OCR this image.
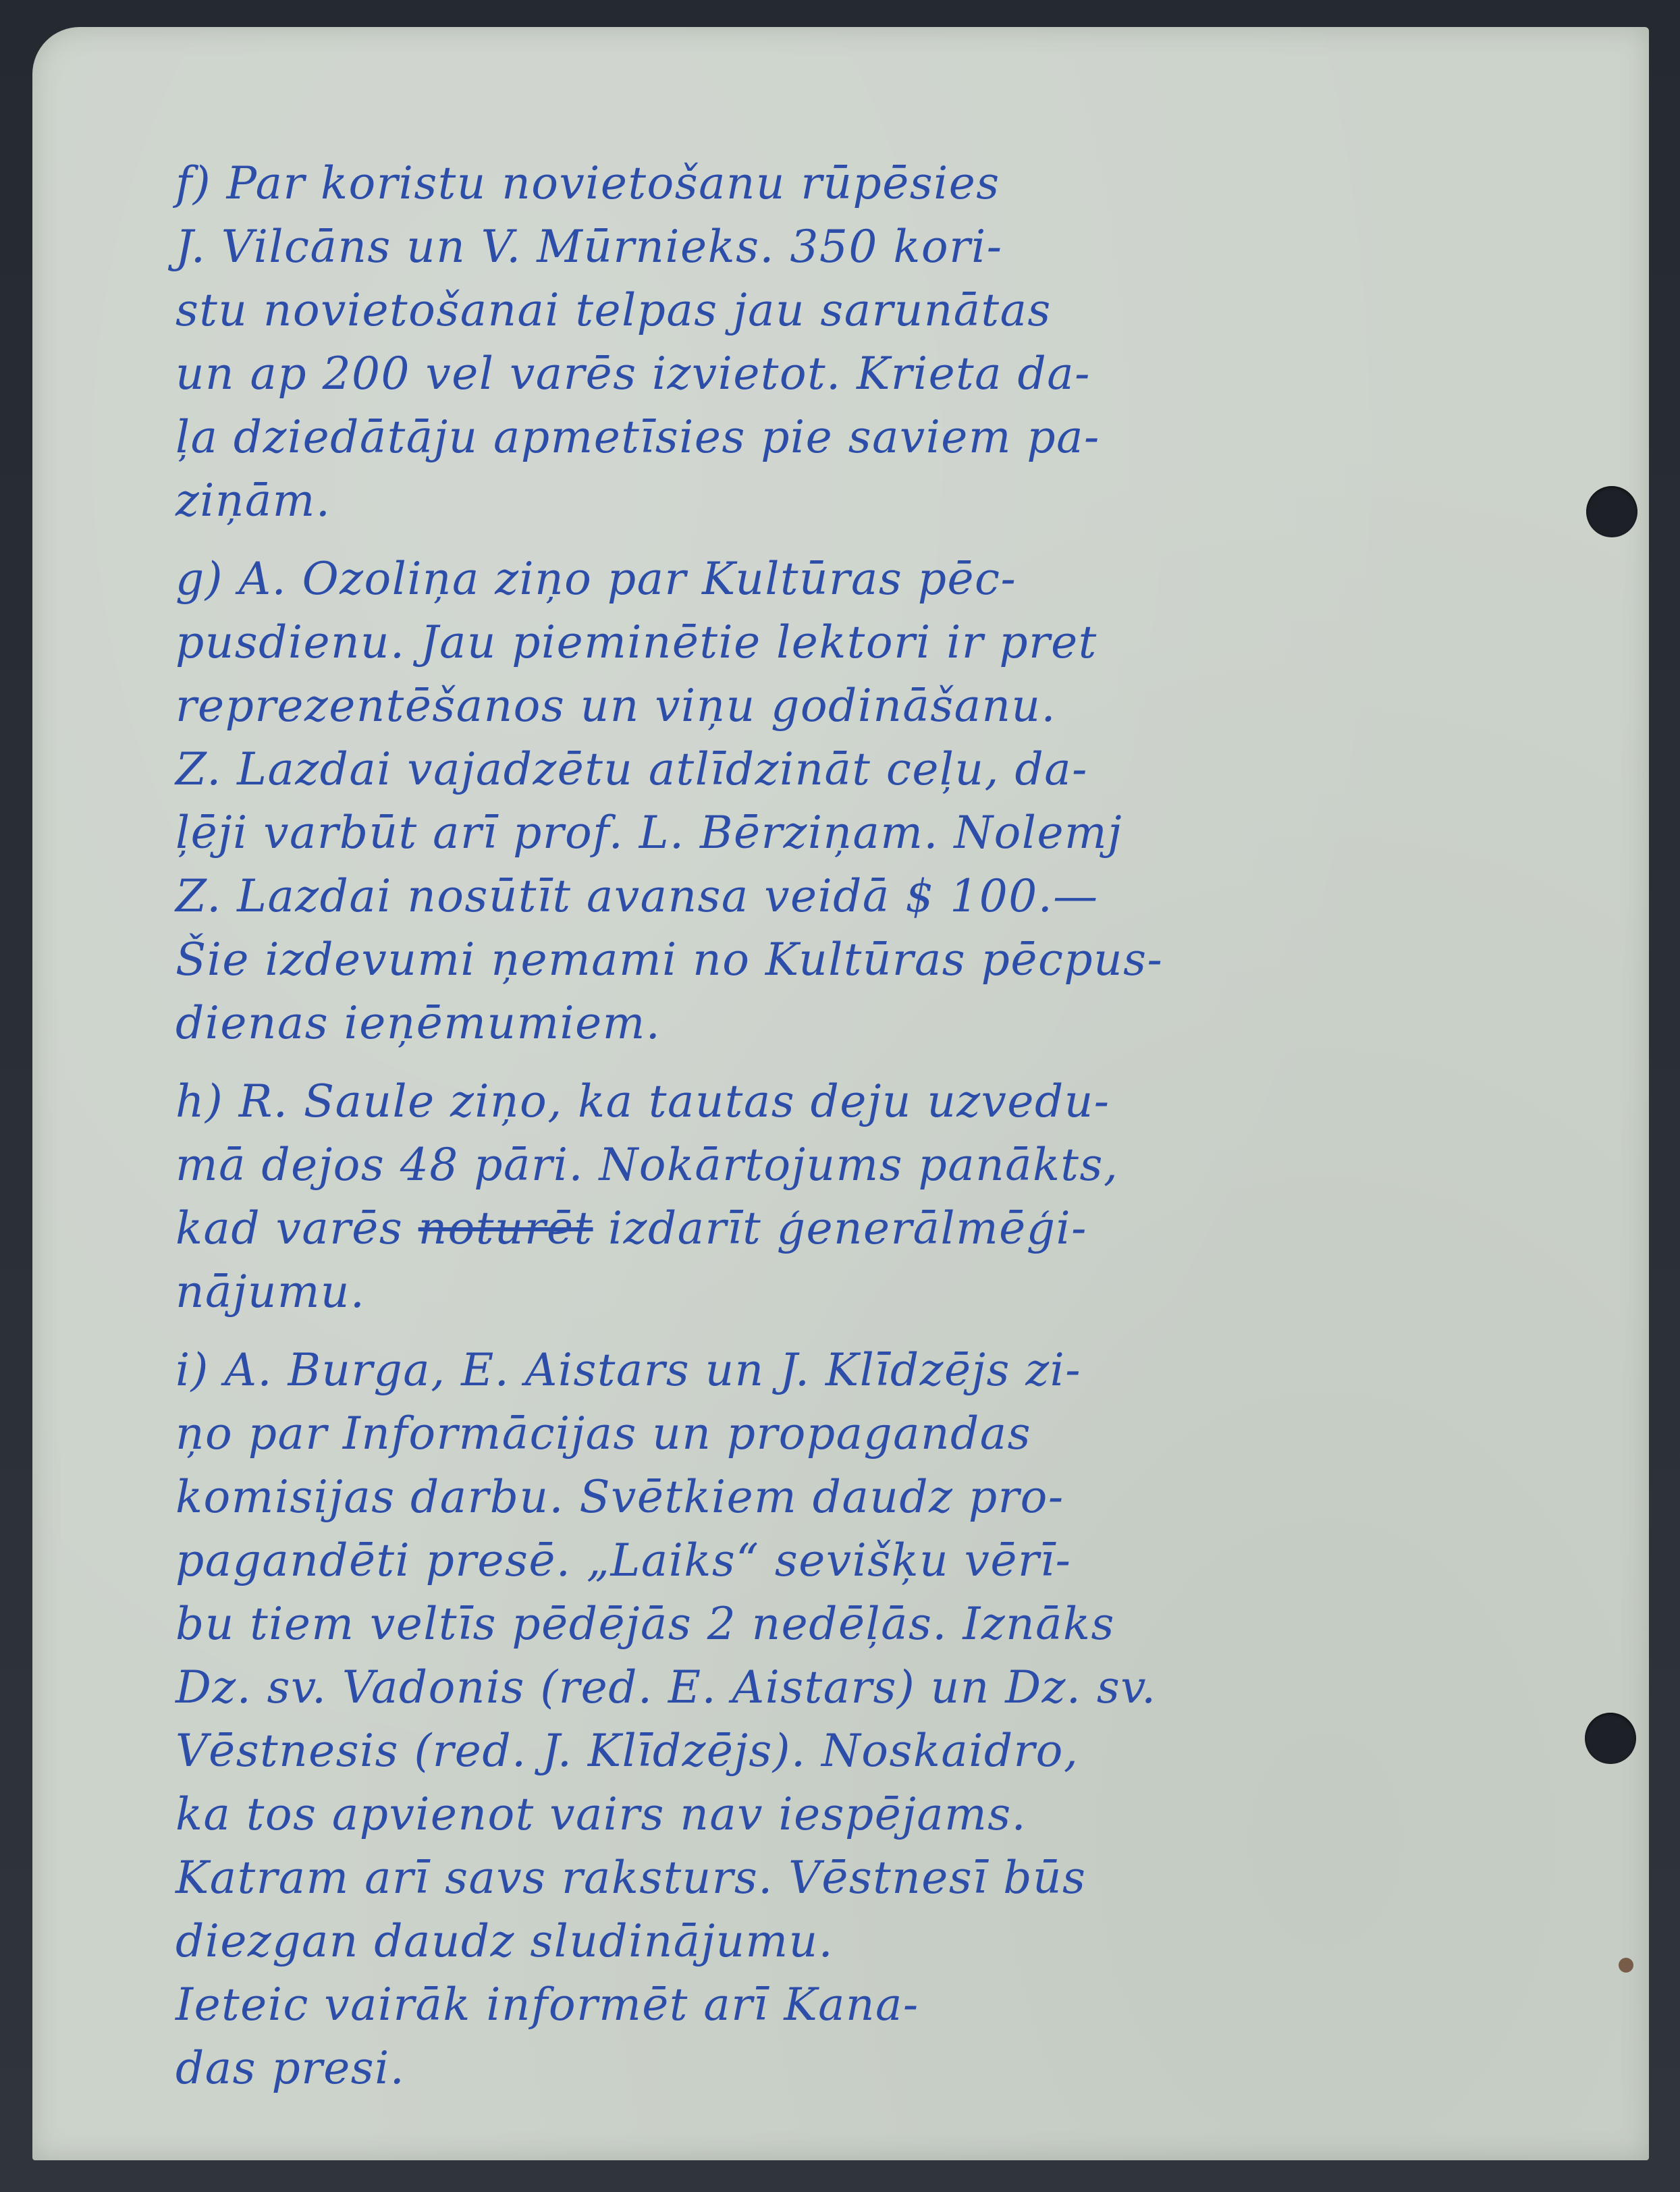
f) Par koristu novietošanu rūpēsies
J. Vilcāns un V. Mūrnieks. 350 kori-
stu novietošanai telpas jau sarunātas
un ap 200 vel varēs izvietot. Krieta da-
ļa dziedātāju apmetīsies pie saviem pa-
ziņām.
g) A. Ozoliņa ziņo par Kultūras pēc-
pusdienu. Jau pieminētie lektori ir pret
reprezentēšanos un viņu godināšanu.
Z. Lazdai vajadzētu atlīdzināt ceļu, da-
ļēji varbūt arī prof. L. Bērziņam. Nolemj
Z. Lazdai nosūtīt avansa veidā $ 100.—
Šie izdevumi ņemami no Kultūras pēcpus-
dienas ieņēmumiem.
h) R. Saule ziņo, ka tautas deju uzvedu-
mā dejos 48 pāri. Nokārtojums panākts,
kad varēs noturēt izdarīt ģenerālmēģi-
nājumu.
i) A. Burga, E. Aistars un J. Klīdzējs zi-
ņo par Informācijas un propagandas
komisijas darbu. Svētkiem daudz pro-
pagandēti presē. „Laiks“ sevišķu vērī-
bu tiem veltīs pēdējās 2 nedēļās. Iznāks
Dz. sv. Vadonis (red. E. Aistars) un Dz. sv.
Vēstnesis (red. J. Klīdzējs). Noskaidro,
ka tos apvienot vairs nav iespējams.
Katram arī savs raksturs. Vēstnesī būs
diezgan daudz sludinājumu.
Ieteic vairāk informēt arī Kana-
das presi.
